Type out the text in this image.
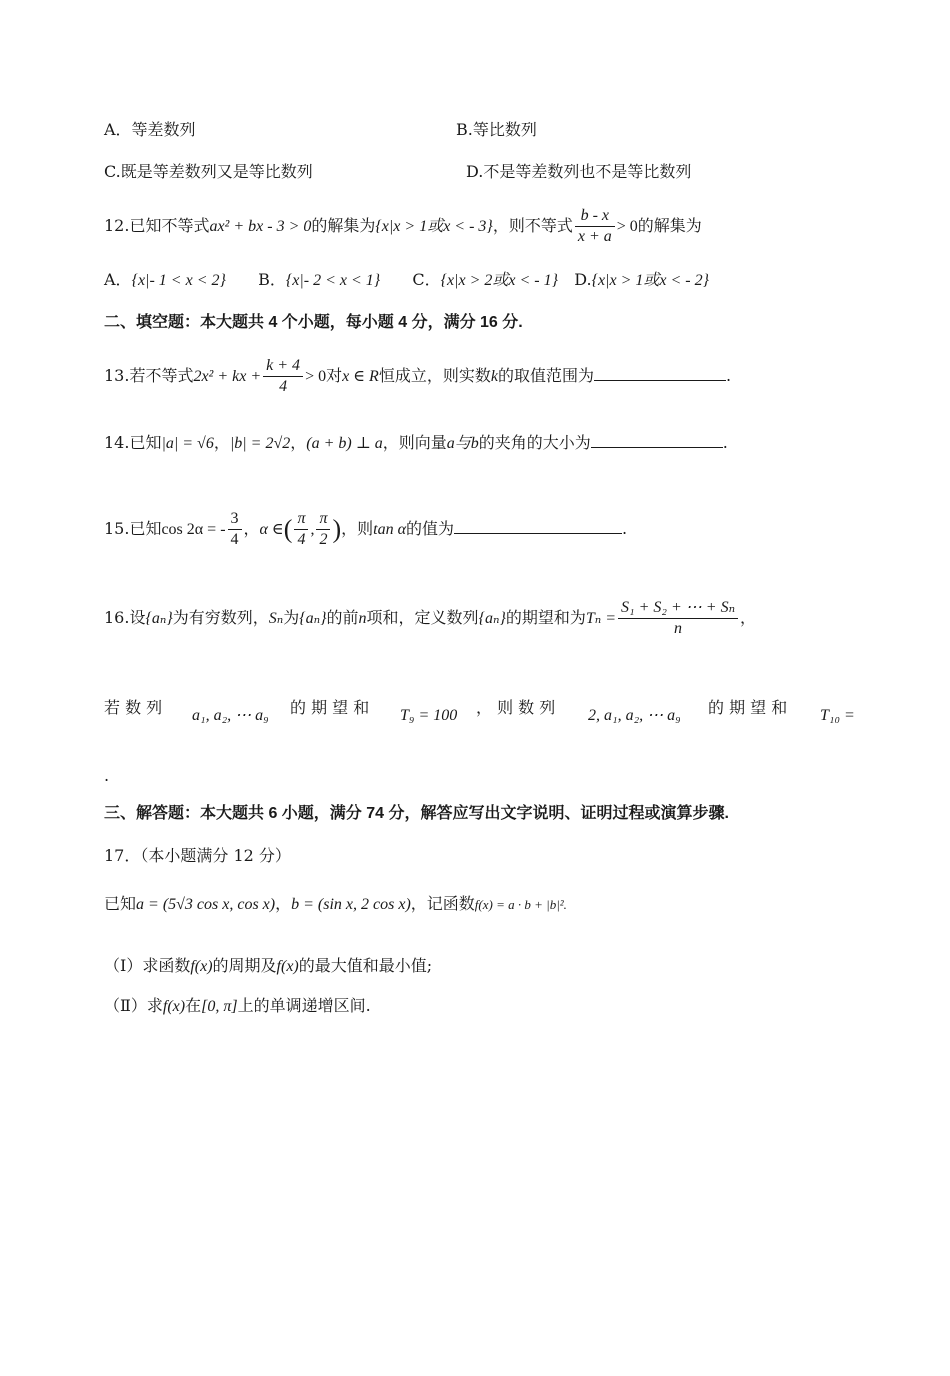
A．等差数列	B.等比数列
C.既是等差数列又是等比数列	D.不是等差数列也不是等比数列
12.已知不等式ax² + bx - 3 > 0的解集为{x|x > 1或x < - 3}，则不等式 $\frac{b - x}{x + a} > 0$的解集为
A．{x|- 1 < x < 2} B．{x|- 2 < x < 1} C．{x|x > 2或x < - 1} D.{x|x > 1或x < - 2}
二、填空题：本大题共 4 个小题，每小题 4 分，满分 16 分.
13.若不等式2x² + kx + $\frac{k + 4}{4} > 0$对x ∈ R恒成立，则实数k的取值范围为	.
14.已知|a| = √6，|b| = 2√2，(a + b) ⊥ a，则向量a与b的夹角的大小为	.
15.已知cos 2α = - $\frac{3}{4}$ ，α ∈( $\frac{\pi}{4}$ , $\frac{\pi}{2}$ )，则tan α的值为	.
16.设{aₙ}为有穷数列，Sₙ为{aₙ}的前n项和，定义数列{aₙ}的期望和为$T_n = \frac{\text{S₁ + S₂ + ⋯ + Sₙ}}{n}$ ，
若 数 列 a₁, a₂, ⋯ a₉ 的 期 望 和 T₉ = 100 ， 则 数 列 2, a₁, a₂, ⋯ a₉ 的 期 望 和 T₁₀ =
.
三、解答题：本大题共 6 小题，满分 74 分，解答应写出文字说明、证明过程或演算步骤.
17．（本小题满分 12 分）
已知a = (5√3 cos x, cos x)，b = (sin x, 2 cos x)，记函数f(x) = a · b + |b|².
（Ⅰ）求函数f(x)的周期及f(x)的最大值和最小值;
（Ⅱ）求f(x)在[0, π]上的单调递增区间.
